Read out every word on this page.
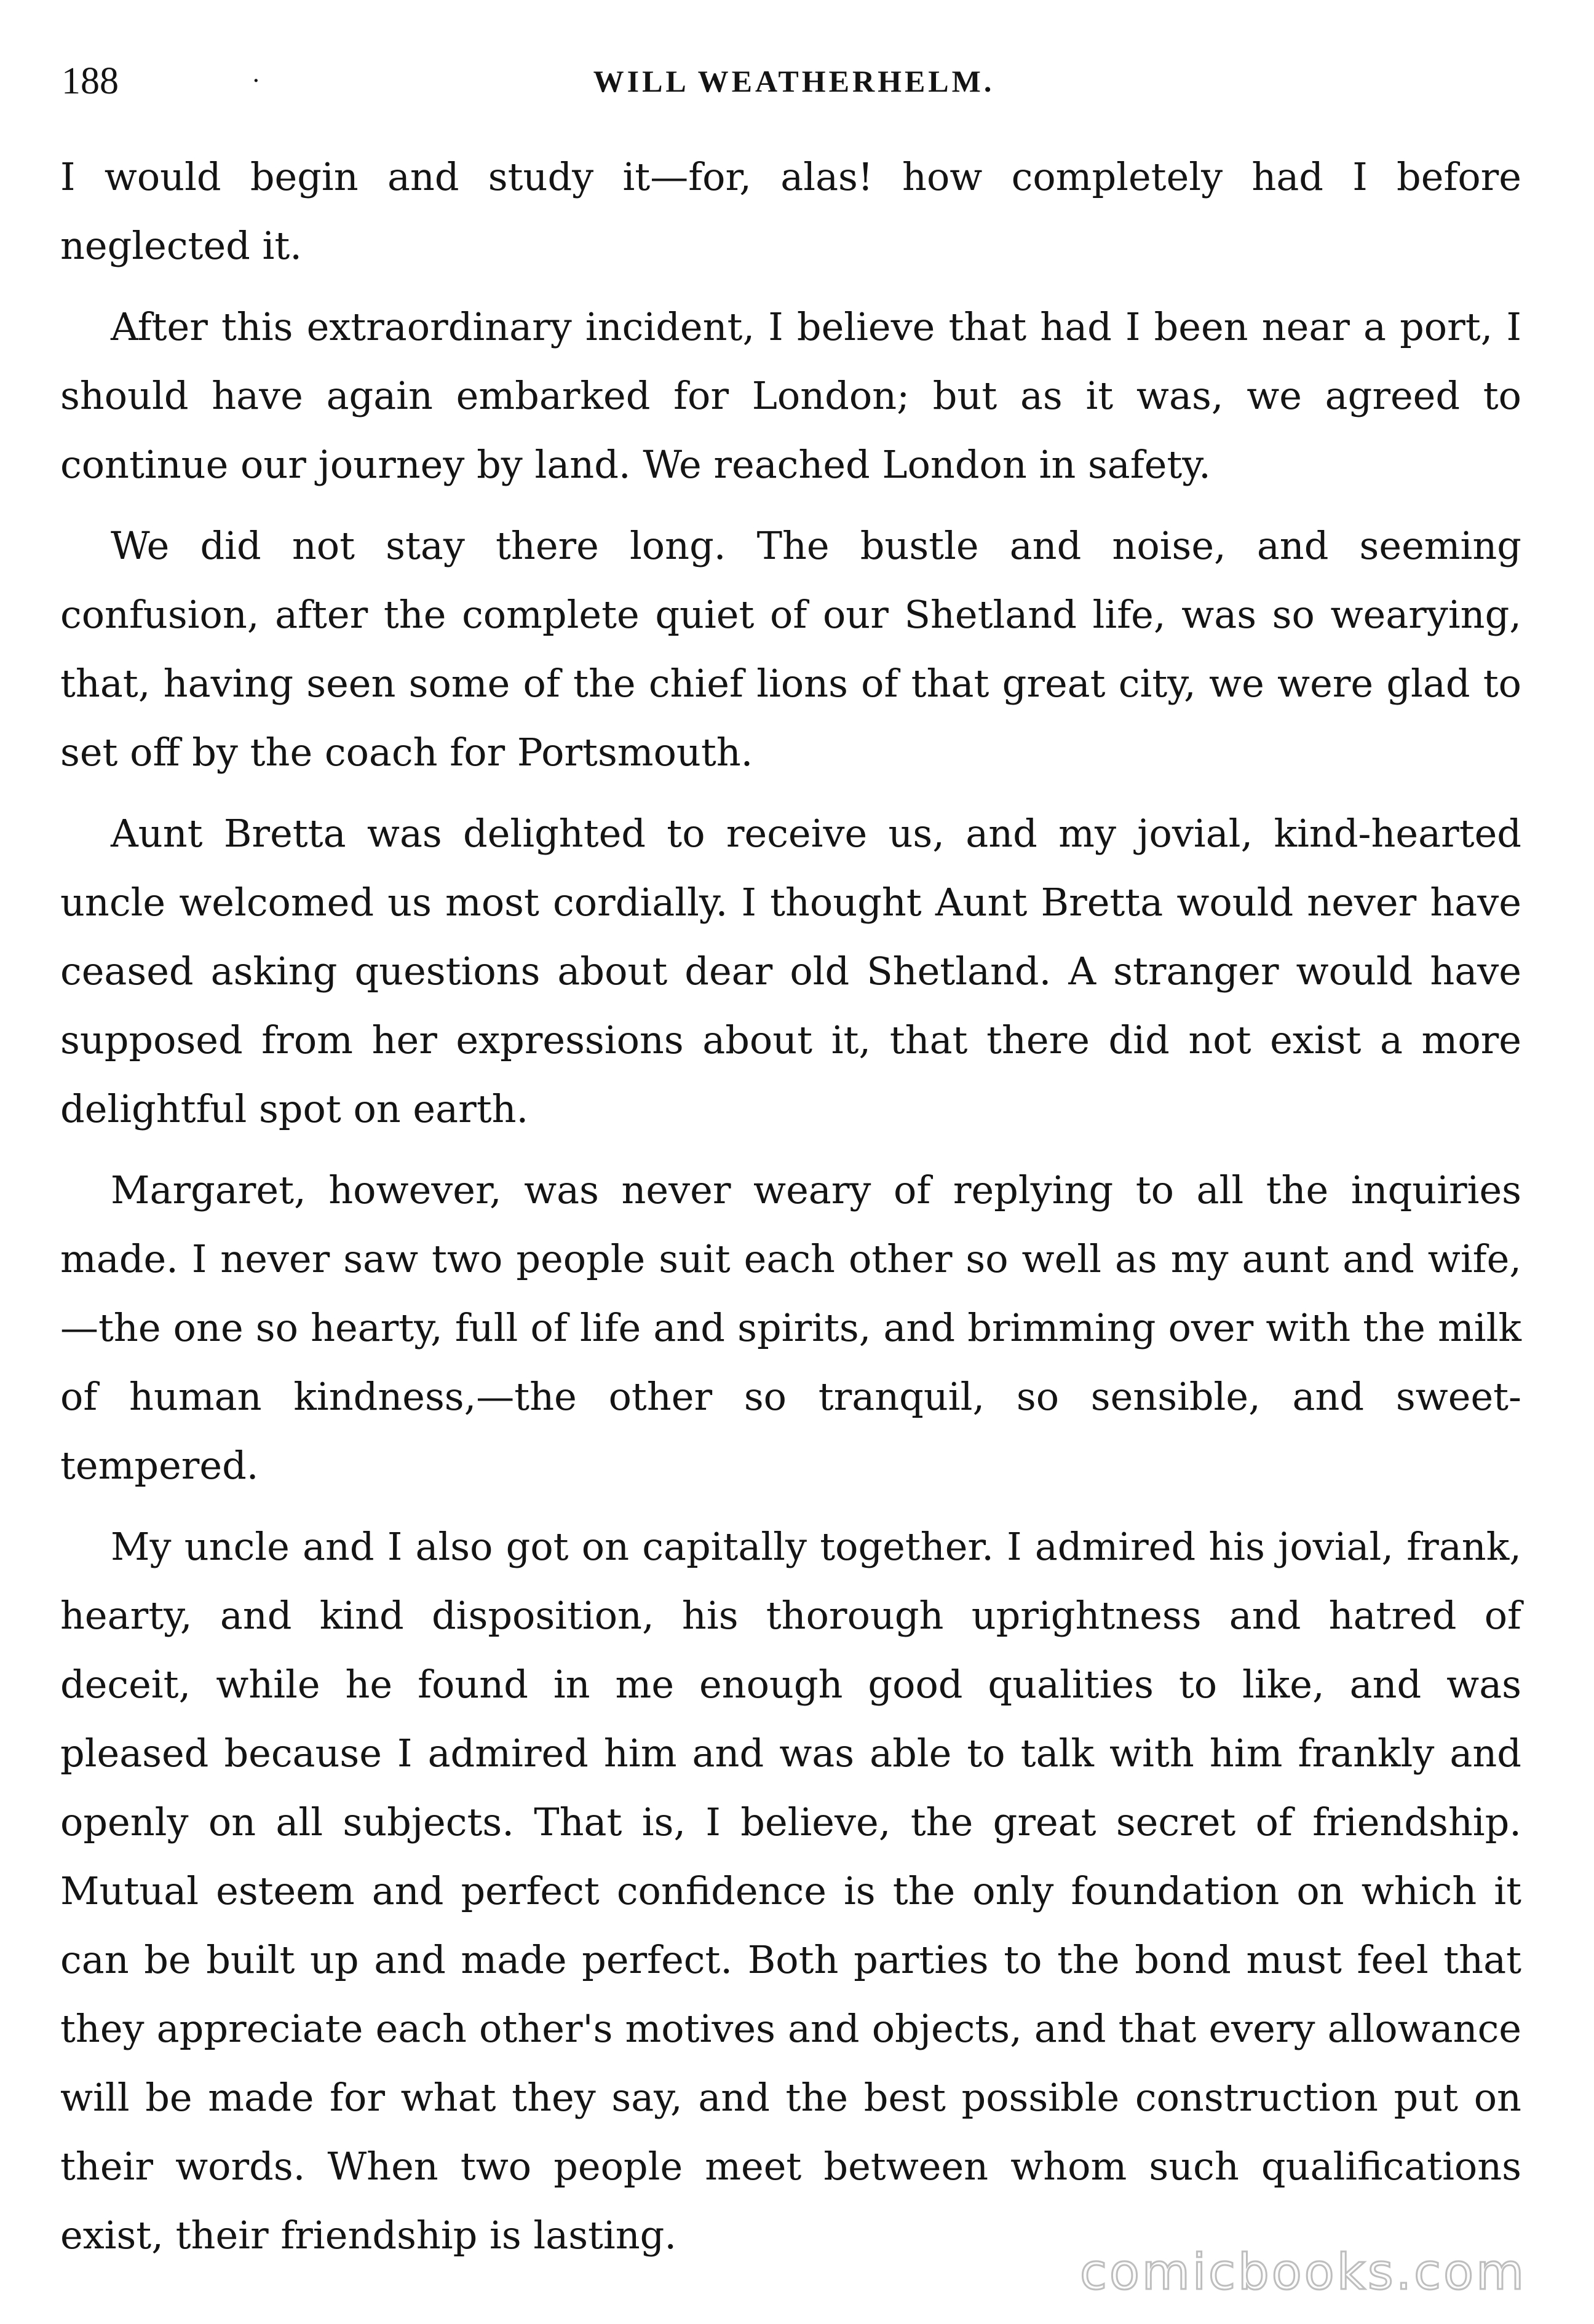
188	·	WILL WEATHERHELM.

I would begin and study it—for, alas! how completely had I before neglected it.

After this extraordinary incident, I believe that had I been near a port, I should have again embarked for London; but as it was, we agreed to continue our journey by land. We reached London in safety.

We did not stay there long. The bustle and noise, and seeming confusion, after the complete quiet of our Shetland life, was so wearying, that, having seen some of the chief lions of that great city, we were glad to set off by the coach for Portsmouth.

Aunt Bretta was delighted to receive us, and my jovial, kind-hearted uncle welcomed us most cordially. I thought Aunt Bretta would never have ceased asking questions about dear old Shetland. A stranger would have supposed from her expressions about it, that there did not exist a more delightful spot on earth.

Margaret, however, was never weary of replying to all the inquiries made. I never saw two people suit each other so well as my aunt and wife,—the one so hearty, full of life and spirits, and brimming over with the milk of human kindness,—the other so tranquil, so sensible, and sweet-tempered.

My uncle and I also got on capitally together. I admired his jovial, frank, hearty, and kind disposition, his thorough uprightness and hatred of deceit, while he found in me enough good qualities to like, and was pleased because I admired him and was able to talk with him frankly and openly on all subjects. That is, I believe, the great secret of friendship. Mutual esteem and perfect confidence is the only foundation on which it can be built up and made perfect. Both parties to the bond must feel that they appreciate each other's motives and objects, and that every allowance will be made for what they say, and the best possible construction put on their words. When two people meet between whom such qualifications exist, their friendship is lasting.

comicbooks.com
